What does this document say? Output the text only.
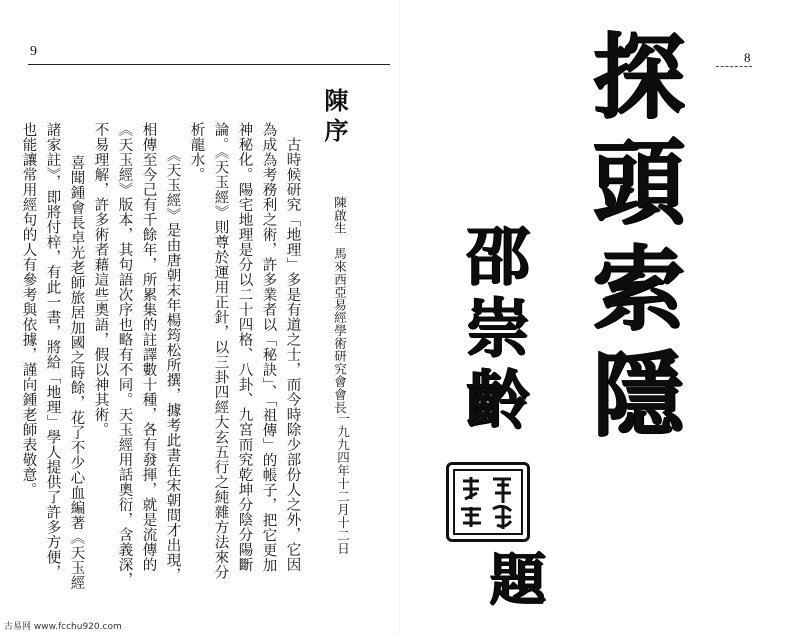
9
陳序
陳啟生　馬來西亞易經學術研究會會長
一九九四年十二月十二日
　古時候研究「地理」多是有道之士，而今時除少部份人之外，它因
為成為考務利之術，許多業者以「秘訣」、「祖傳」的帳子，把它更加
神秘化。陽宅地理是分以二十四格、八卦、九宮而究乾坤分陰分陽斷
論。《天玉經》則尊於運用正針，以三卦四經大玄五行之純雜方法來分
析龍水。
　《天玉經》是由唐朝末年楊筠松所撰，據考此書在宋朝間才出現，
相傳至今己有千餘年，所累集的註譯數十種，各有發揮，就是流傳的
《天玉經》版本，其句語次序也略有不同。天玉經用話奧衍，含義深，
不易理解，許多術者藉這些奧語，假以神其術。
　喜聞鍾會長卓光老師旅居加國之時餘，花了不少心血編著《天玉經
諸家註》，即將付梓，有此一書，將給「地理」學人提供了許多方便，
也能讓常用經句的人有參考與依據，謹向鍾老師表敬意。
8
探頭索隱
邵崇齡
題
古易网 www.fcchu920.com
